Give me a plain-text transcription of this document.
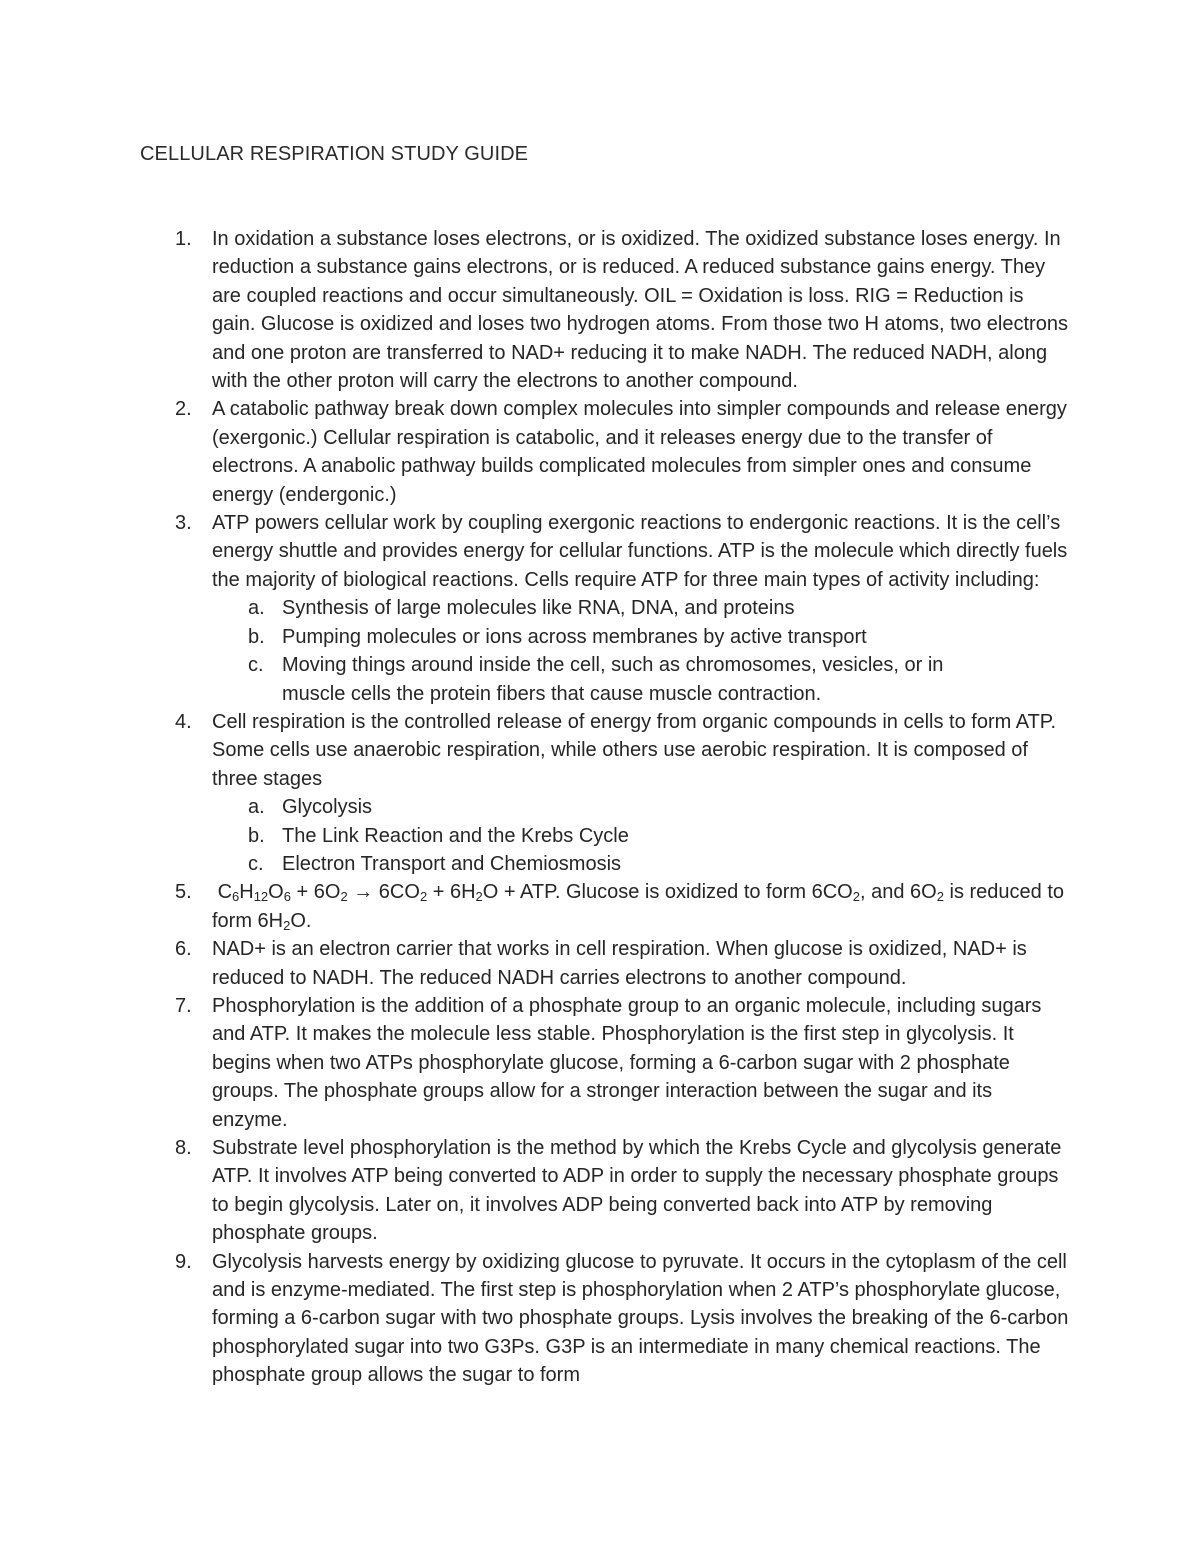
CELLULAR RESPIRATION STUDY GUIDE
1. In oxidation a substance loses electrons, or is oxidized. The oxidized substance loses energy. In reduction a substance gains electrons, or is reduced. A reduced substance gains energy. They are coupled reactions and occur simultaneously. OIL = Oxidation is loss. RIG = Reduction is gain. Glucose is oxidized and loses two hydrogen atoms. From those two H atoms, two electrons and one proton are transferred to NAD+ reducing it to make NADH. The reduced NADH, along with the other proton will carry the electrons to another compound.
2. A catabolic pathway break down complex molecules into simpler compounds and release energy (exergonic.) Cellular respiration is catabolic, and it releases energy due to the transfer of electrons. A anabolic pathway builds complicated molecules from simpler ones and consume energy (endergonic.)
3. ATP powers cellular work by coupling exergonic reactions to endergonic reactions. It is the cell’s energy shuttle and provides energy for cellular functions. ATP is the molecule which directly fuels the majority of biological reactions. Cells require ATP for three main types of activity including:
a. Synthesis of large molecules like RNA, DNA, and proteins
b. Pumping molecules or ions across membranes by active transport
c. Moving things around inside the cell, such as chromosomes, vesicles, or in muscle cells the protein fibers that cause muscle contraction.
4. Cell respiration is the controlled release of energy from organic compounds in cells to form ATP. Some cells use anaerobic respiration, while others use aerobic respiration. It is composed of three stages
a. Glycolysis
b. The Link Reaction and the Krebs Cycle
c. Electron Transport and Chemiosmosis
5. $C_6H_{12}O_6 + 6O_2 \to 6CO_2 + 6H_2O$ + ATP. Glucose is oxidized to form $6CO_2$, and $6O_2$ is reduced to form $6H_2O$.
6. NAD+ is an electron carrier that works in cell respiration. When glucose is oxidized, NAD+ is reduced to NADH. The reduced NADH carries electrons to another compound.
7. Phosphorylation is the addition of a phosphate group to an organic molecule, including sugars and ATP. It makes the molecule less stable. Phosphorylation is the first step in glycolysis. It begins when two ATPs phosphorylate glucose, forming a 6-carbon sugar with 2 phosphate groups. The phosphate groups allow for a stronger interaction between the sugar and its enzyme.
8. Substrate level phosphorylation is the method by which the Krebs Cycle and glycolysis generate ATP. It involves ATP being converted to ADP in order to supply the necessary phosphate groups to begin glycolysis. Later on, it involves ADP being converted back into ATP by removing phosphate groups.
9. Glycolysis harvests energy by oxidizing glucose to pyruvate. It occurs in the cytoplasm of the cell and is enzyme-mediated. The first step is phosphorylation when 2 ATP’s phosphorylate glucose, forming a 6-carbon sugar with two phosphate groups. Lysis involves the breaking of the 6-carbon phosphorylated sugar into two G3Ps. G3P is an intermediate in many chemical reactions. The phosphate group allows the sugar to form
